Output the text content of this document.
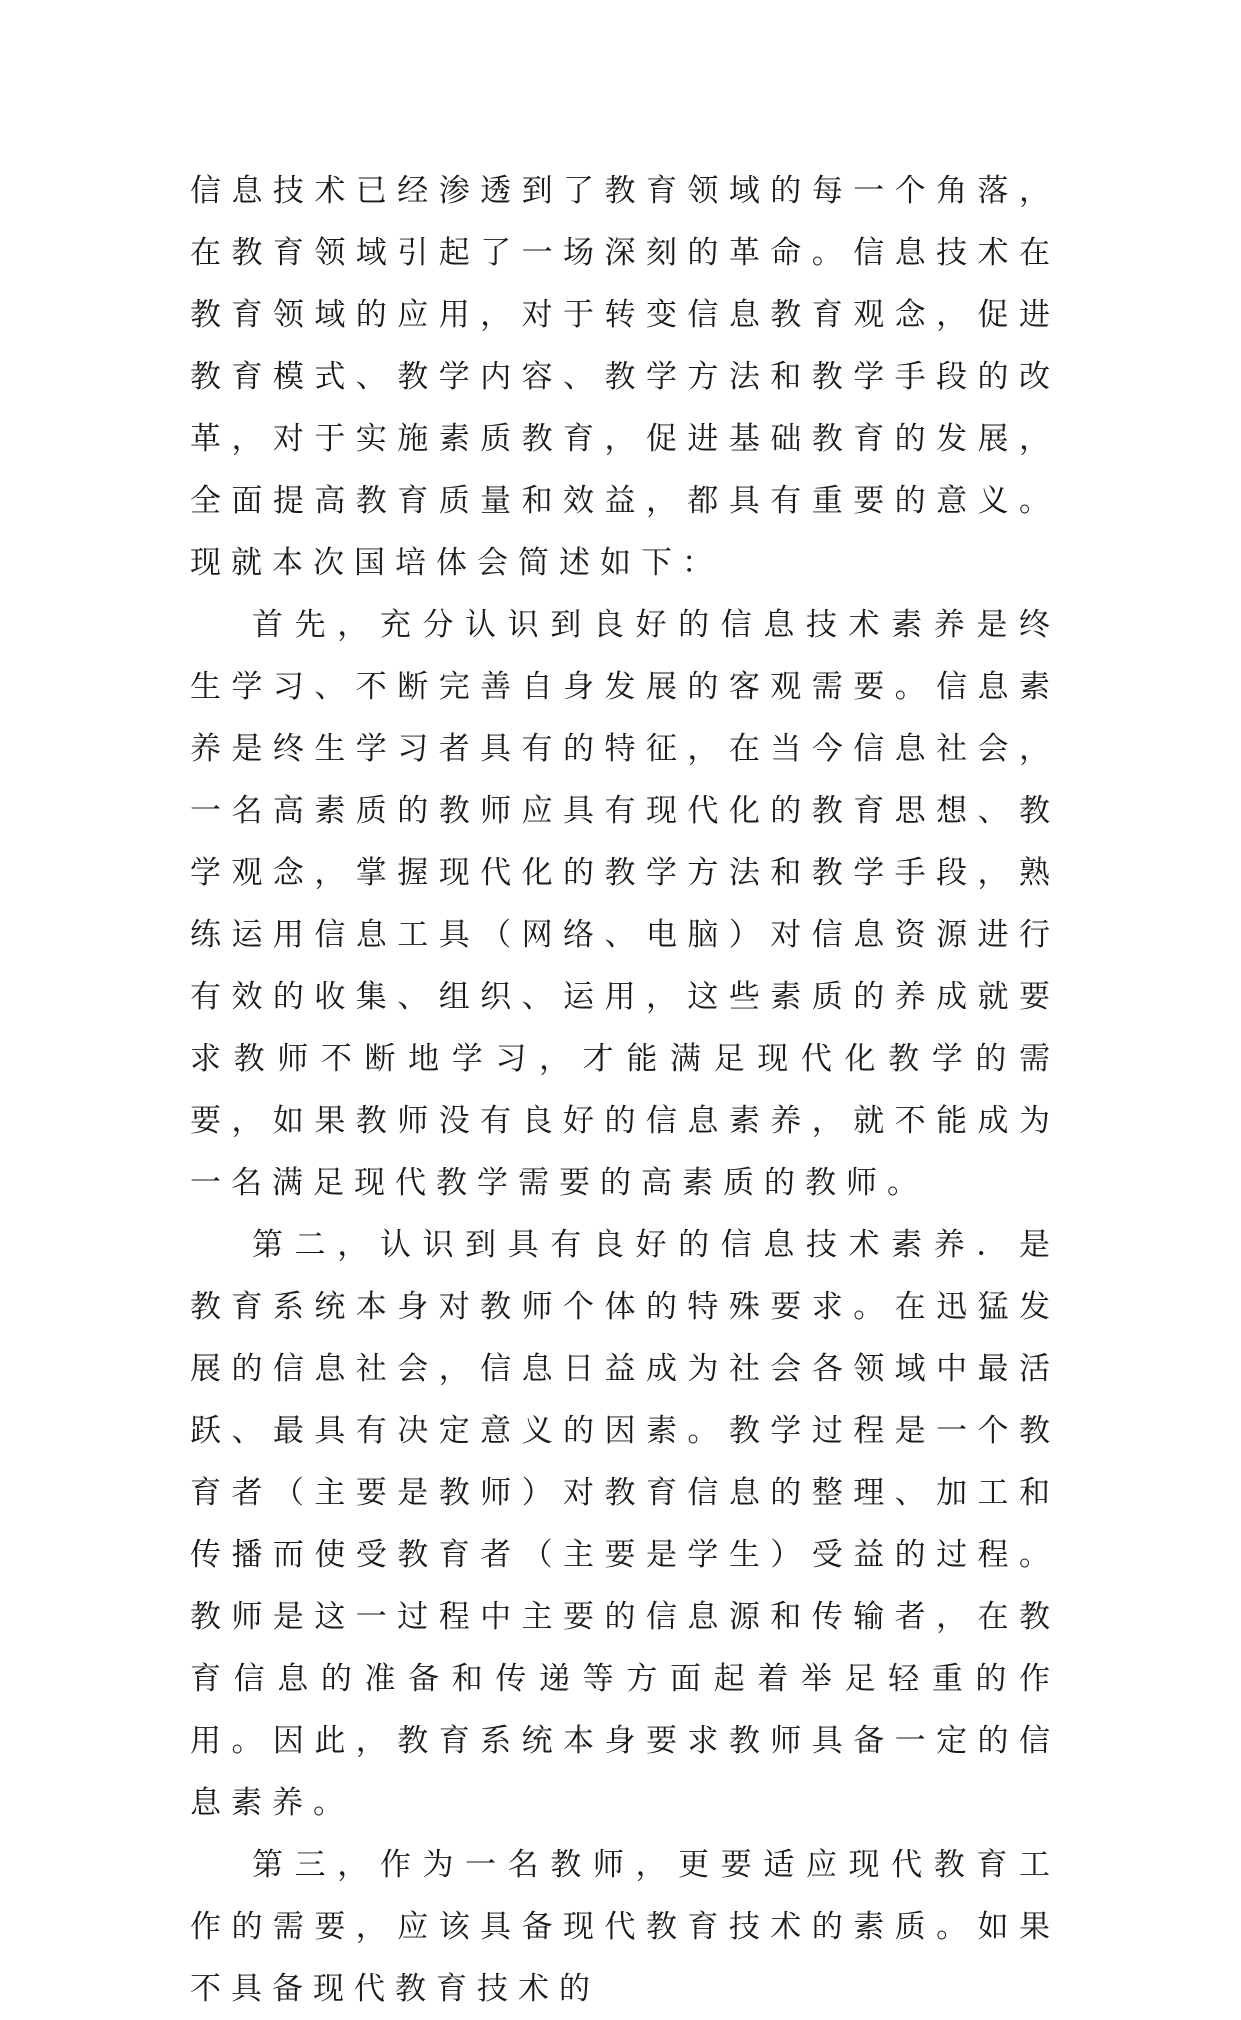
信息技术已经渗透到了教育领域的每一个角落，在教育领域引起了一场深刻的革命。信息技术在教育领域的应用，对于转变信息教育观念，促进教育模式、教学内容、教学方法和教学手段的改革，对于实施素质教育，促进基础教育的发展，全面提高教育质量和效益，都具有重要的意义。现就本次国培体会简述如下：

首先，充分认识到良好的信息技术素养是终生学习、不断完善自身发展的客观需要。信息素养是终生学习者具有的特征，在当今信息社会，一名高素质的教师应具有现代化的教育思想、教学观念，掌握现代化的教学方法和教学手段，熟练运用信息工具（网络、电脑）对信息资源进行有效的收集、组织、运用，这些素质的养成就要求教师不断地学习，才能满足现代化教学的需要，如果教师没有良好的信息素养，就不能成为一名满足现代教学需要的高素质的教师。

第二，认识到具有良好的信息技术素养．是教育系统本身对教师个体的特殊要求。在迅猛发展的信息社会，信息日益成为社会各领域中最活跃、最具有决定意义的因素。教学过程是一个教育者（主要是教师）对教育信息的整理、加工和传播而使受教育者（主要是学生）受益的过程。教师是这一过程中主要的信息源和传输者，在教育信息的准备和传递等方面起着举足轻重的作用。因此，教育系统本身要求教师具备一定的信息素养。

第三，作为一名教师，更要适应现代教育工作的需要，应该具备现代教育技术的素质。如果不具备现代教育技术的
